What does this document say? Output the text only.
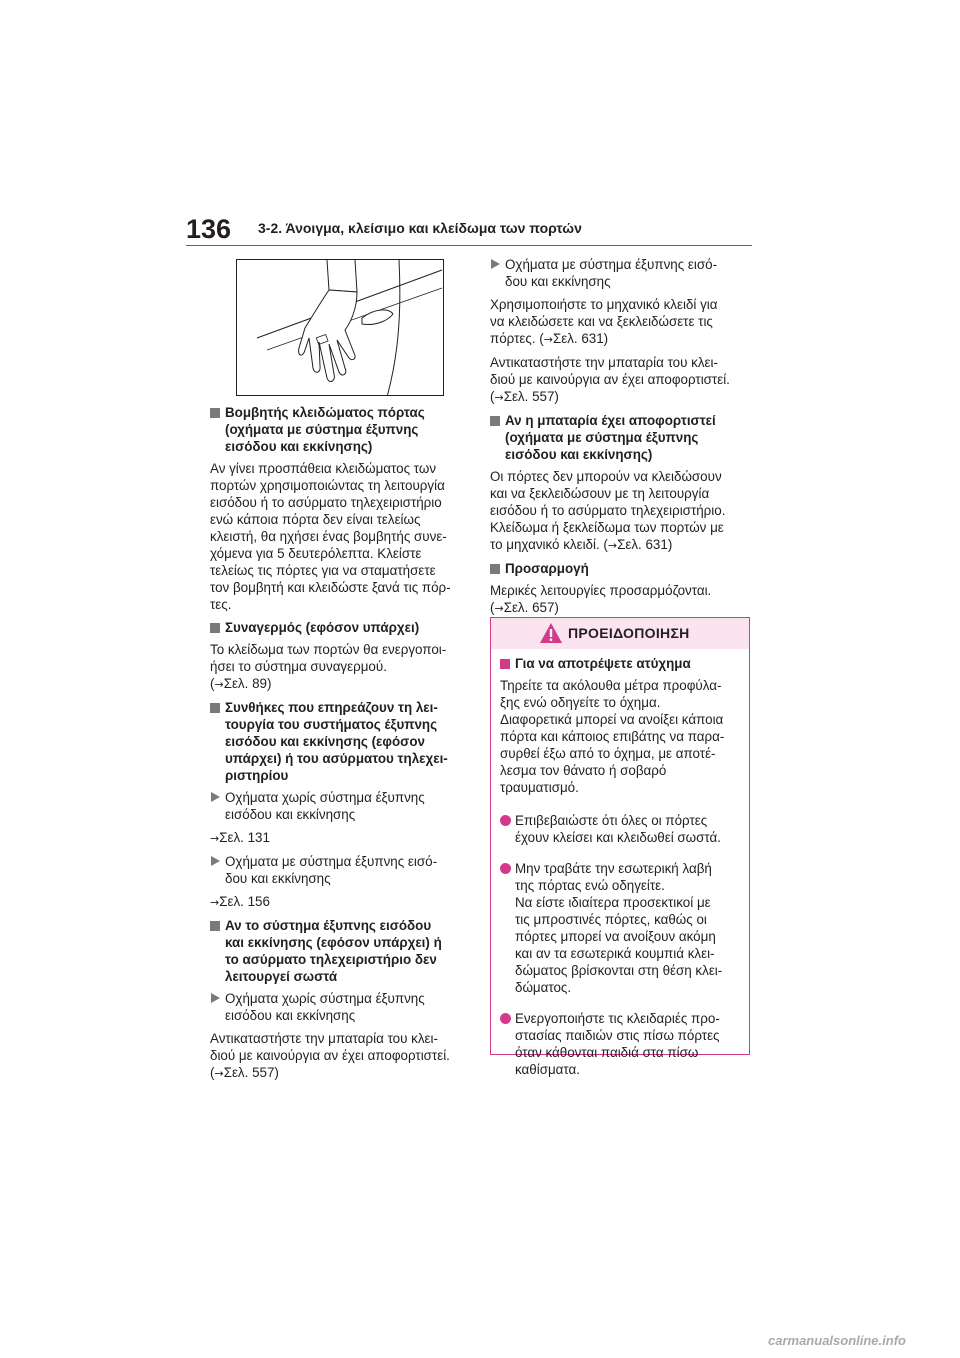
136 3-2. Άνοιγμα, κλείσιμο και κλείδωμα των πορτών
Βομβητής κλειδώματος πόρτας
(οχήματα με σύστημα έξυπνης
εισόδου και εκκίνησης)
Αν γίνει προσπάθεια κλειδώματος των
πορτών χρησιμοποιώντας τη λειτουργία
εισόδου ή το ασύρματο τηλεχειριστήριο
ενώ κάποια πόρτα δεν είναι τελείως
κλειστή, θα ηχήσει ένας βομβητής συνε-
χόμενα για 5 δευτερόλεπτα. Κλείστε
τελείως τις πόρτες για να σταματήσετε
τον βομβητή και κλειδώστε ξανά τις πόρ-
τες.
Συναγερμός (εφόσον υπάρχει)
Το κλείδωμα των πορτών θα ενεργοποι-
ήσει το σύστημα συναγερμού.
(→Σελ. 89)
Συνθήκες που επηρεάζουν τη λει-
τουργία του συστήματος έξυπνης
εισόδου και εκκίνησης (εφόσον
υπάρχει) ή του ασύρματου τηλεχει-
ριστηρίου
Οχήματα χωρίς σύστημα έξυπνης
εισόδου και εκκίνησης
→Σελ. 131
Οχήματα με σύστημα έξυπνης εισό-
δου και εκκίνησης
→Σελ. 156
Αν το σύστημα έξυπνης εισόδου
και εκκίνησης (εφόσον υπάρχει) ή
το ασύρματο τηλεχειριστήριο δεν
λειτουργεί σωστά
Οχήματα χωρίς σύστημα έξυπνης
εισόδου και εκκίνησης
Αντικαταστήστε την μπαταρία του κλει-
διού με καινούργια αν έχει αποφορτιστεί.
(→Σελ. 557)
Οχήματα με σύστημα έξυπνης εισό-
δου και εκκίνησης
Χρησιμοποιήστε το μηχανικό κλειδί για
να κλειδώσετε και να ξεκλειδώσετε τις
πόρτες. (→Σελ. 631)
Αντικαταστήστε την μπαταρία του κλει-
διού με καινούργια αν έχει αποφορτιστεί.
(→Σελ. 557)
Αν η μπαταρία έχει αποφορτιστεί
(οχήματα με σύστημα έξυπνης
εισόδου και εκκίνησης)
Οι πόρτες δεν μπορούν να κλειδώσουν
και να ξεκλειδώσουν με τη λειτουργία
εισόδου ή το ασύρματο τηλεχειριστήριο.
Κλείδωμα ή ξεκλείδωμα των πορτών με
το μηχανικό κλειδί. (→Σελ. 631)
Προσαρμογή
Μερικές λειτουργίες προσαρμόζονται.
(→Σελ. 657)
ΠΡΟΕΙΔΟΠΟΙΗΣΗ
Για να αποτρέψετε ατύχημα
Τηρείτε τα ακόλουθα μέτρα προφύλα-
ξης ενώ οδηγείτε το όχημα.
Διαφορετικά μπορεί να ανοίξει κάποια
πόρτα και κάποιος επιβάτης να παρα-
συρθεί έξω από το όχημα, με αποτέ-
λεσμα τον θάνατο ή σοβαρό
τραυματισμό.
Επιβεβαιώστε ότι όλες οι πόρτες
έχουν κλείσει και κλειδωθεί σωστά.
Μην τραβάτε την εσωτερική λαβή
της πόρτας ενώ οδηγείτε.
Να είστε ιδιαίτερα προσεκτικοί με
τις μπροστινές πόρτες, καθώς οι
πόρτες μπορεί να ανοίξουν ακόμη
και αν τα εσωτερικά κουμπιά κλει-
δώματος βρίσκονται στη θέση κλει-
δώματος.
Ενεργοποιήστε τις κλειδαριές προ-
στασίας παιδιών στις πίσω πόρτες
όταν κάθονται παιδιά στα πίσω
καθίσματα.
carmanualsonline.info
